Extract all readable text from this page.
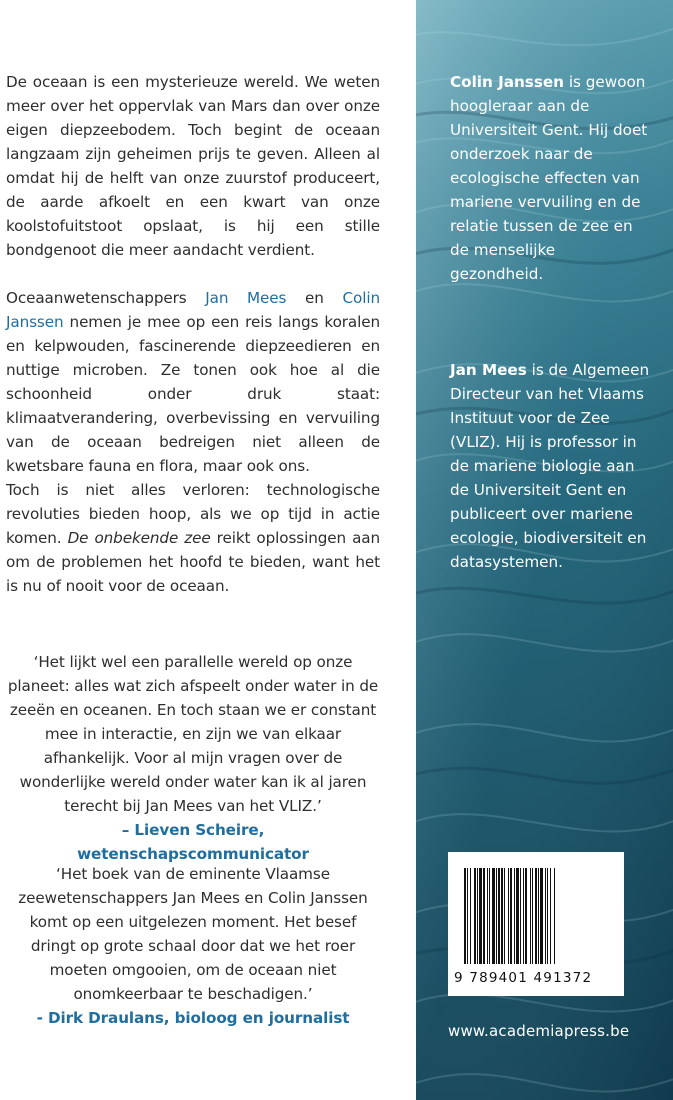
De oceaan is een mysterieuze wereld. We weten meer over het oppervlak van Mars dan over onze eigen diepzeebodem. Toch begint de oceaan langzaam zijn geheimen prijs te geven. Alleen al omdat hij de helft van onze zuurstof produceert, de aarde afkoelt en een kwart van onze koolstofuitstoot opslaat, is hij een stille bondgenoot die meer aandacht verdient.

Oceaanwetenschappers Jan Mees en Colin Janssen nemen je mee op een reis langs koralen en kelpwouden, fascinerende diepzeedieren en nuttige microben. Ze tonen ook hoe al die schoonheid onder druk staat: klimaatverandering, overbevissing en vervuiling van de oceaan bedreigen niet alleen de kwetsbare fauna en flora, maar ook ons.

Toch is niet alles verloren: technologische revoluties bieden hoop, als we op tijd in actie komen. De onbekende zee reikt oplossingen aan om de problemen het hoofd te bieden, want het is nu of nooit voor de oceaan.

‘Het lijkt wel een parallelle wereld op onze planeet: alles wat zich afspeelt onder water in de zeeën en oceanen. En toch staan we er constant mee in interactie, en zijn we van elkaar afhankelijk. Voor al mijn vragen over de wonderlijke wereld onder water kan ik al jaren terecht bij Jan Mees van het VLIZ.’
– Lieven Scheire, wetenschapscommunicator
‘Het boek van de eminente Vlaamse zeewetenschappers Jan Mees en Colin Janssen komt op een uitgelezen moment. Het besef dringt op grote schaal door dat we het roer moeten omgooien, om de oceaan niet onomkeerbaar te beschadigen.’
- Dirk Draulans, bioloog en journalist

Colin Janssen is gewoon hoogleraar aan de Universiteit Gent. Hij doet onderzoek naar de ecologische effecten van mariene vervuiling en de relatie tussen de zee en de menselijke gezondheid.

Jan Mees is de Algemeen Directeur van het Vlaams Instituut voor de Zee (VLIZ). Hij is professor in de mariene biologie aan de Universiteit Gent en publiceert over mariene ecologie, biodiversiteit en datasystemen.

9 789401 491372
www.academiapress.be
